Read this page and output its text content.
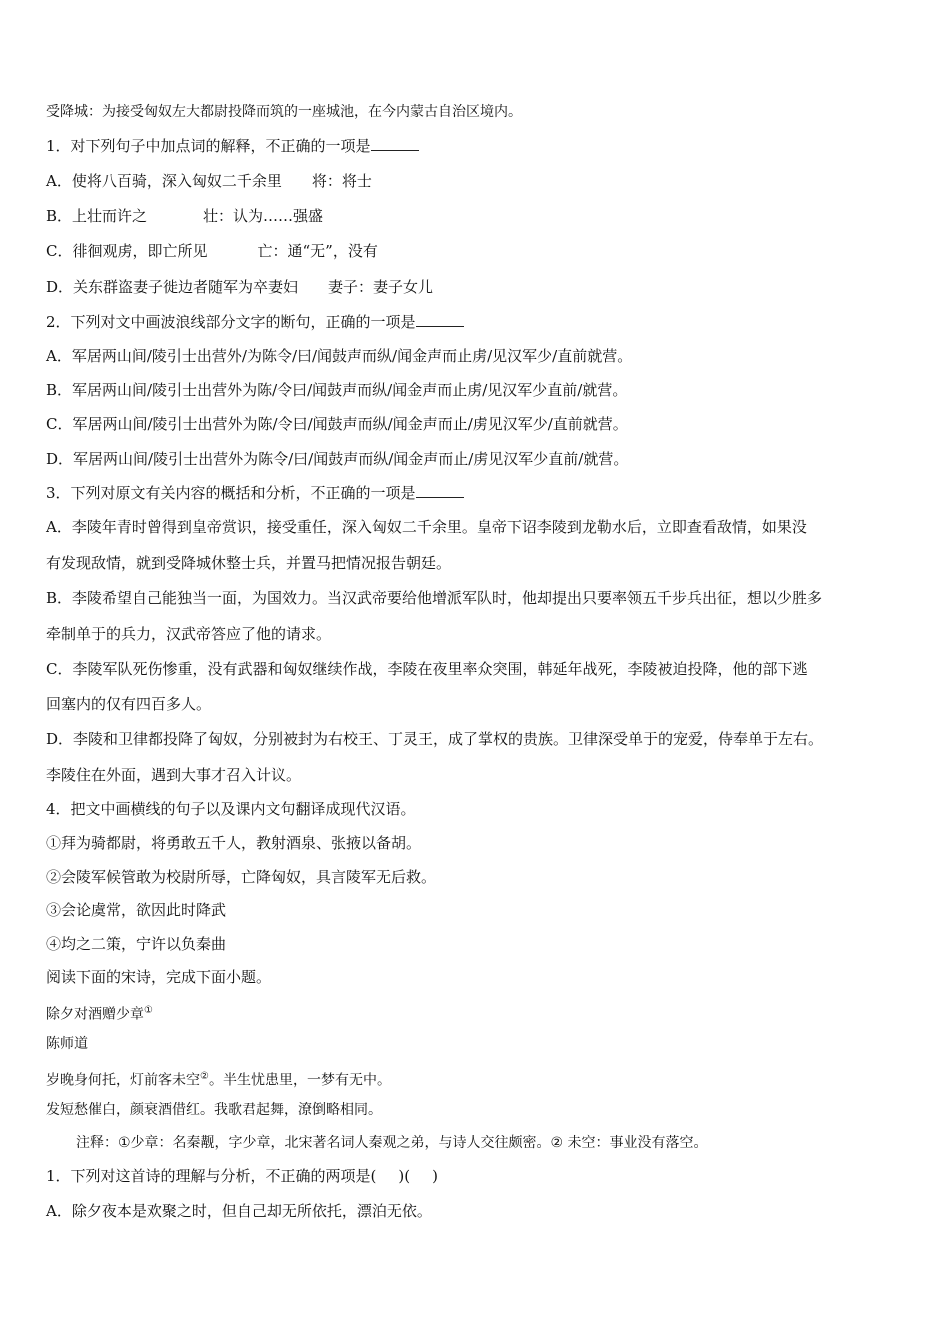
受降城：为接受匈奴左大都尉投降而筑的一座城池，在今内蒙古自治区境内。

1．对下列句子中加点词的解释，不正确的一项是

A．使将八百骑，深入匈奴二千余里 将：将士

B．上壮而许之	壮：认为……强盛

C．徘徊观虏，即亡所见	亡：通“无”，没有

D．关东群盗妻子徙边者随军为卒妻妇 妻子：妻子女儿

2．下列对文中画波浪线部分文字的断句，正确的一项是

A．军居两山间/陵引士出营外/为陈令/曰/闻鼓声而纵/闻金声而止虏/见汉军少/直前就营。

B．军居两山间/陵引士出营外为陈/令曰/闻鼓声而纵/闻金声而止虏/见汉军少直前/就营。

C．军居两山间/陵引士出营外为陈/令曰/闻鼓声而纵/闻金声而止/虏见汉军少/直前就营。

D．军居两山间/陵引士出营外为陈令/曰/闻鼓声而纵/闻金声而止/虏见汉军少直前/就营。

3．下列对原文有关内容的概括和分析，不正确的一项是

A．李陵年青时曾得到皇帝赏识，接受重任，深入匈奴二千余里。皇帝下诏李陵到龙勒水后，立即查看敌情，如果没

有发现敌情，就到受降城休整士兵，并置马把情况报告朝廷。

B．李陵希望自己能独当一面，为国效力。当汉武帝要给他增派军队时，他却提出只要率领五千步兵出征，想以少胜多

牵制单于的兵力，汉武帝答应了他的请求。

C．李陵军队死伤惨重，没有武器和匈奴继续作战，李陵在夜里率众突围，韩延年战死，李陵被迫投降，他的部下逃

回塞内的仅有四百多人。

D．李陵和卫律都投降了匈奴，分别被封为右校王、丁灵王，成了掌权的贵族。卫律深受单于的宠爱，侍奉单于左右。

李陵住在外面，遇到大事才召入计议。

4．把文中画横线的句子以及课内文句翻译成现代汉语。

①拜为骑都尉，将勇敢五千人，教射酒泉、张掖以备胡。

②会陵军候管敢为校尉所辱，亡降匈奴，具言陵军无后救。

③会论虞常，欲因此时降武

④均之二策，宁许以负秦曲

阅读下面的宋诗，完成下面小题。

除夕对酒赠少章①

陈师道

岁晚身何托，灯前客未空②。半生忧患里，一梦有无中。

发短愁催白，颜衰酒借红。我歌君起舞，潦倒略相同。

注释：①少章：名秦觏，字少章，北宋著名词人秦观之弟，与诗人交往颇密。② 未空：事业没有落空。

1．下列对这首诗的理解与分析，不正确的两项是( )( )

A．除夕夜本是欢聚之时，但自己却无所依托，漂泊无依。
